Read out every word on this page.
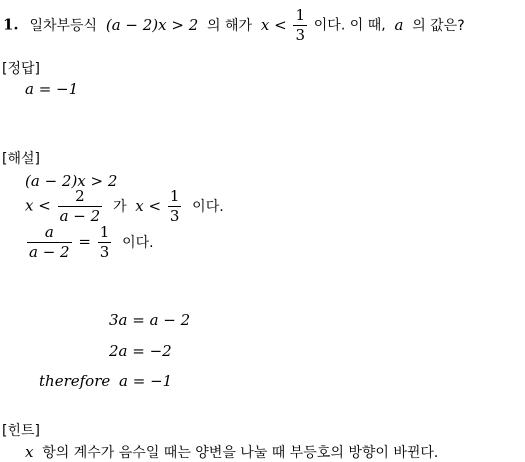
1. 일차부등식 (a − 2)x > 2 의 해가 $x < \frac{1}{3}$ 이다. 이 때, a 의 값은?
[정답]
a = −1
[해설]
(a − 2)x > 2
$x < \frac{2}{a - 2}$ 가 $x < \frac{1}{3}$ 이다.
$\frac{a}{a - 2} = \frac{1}{3}$ 이다.
3a = a − 2
2a = −2
therefore a = −1
[힌트]
x 항의 계수가 음수일 때는 양변을 나눌 때 부등호의 방향이 바뀐다.
